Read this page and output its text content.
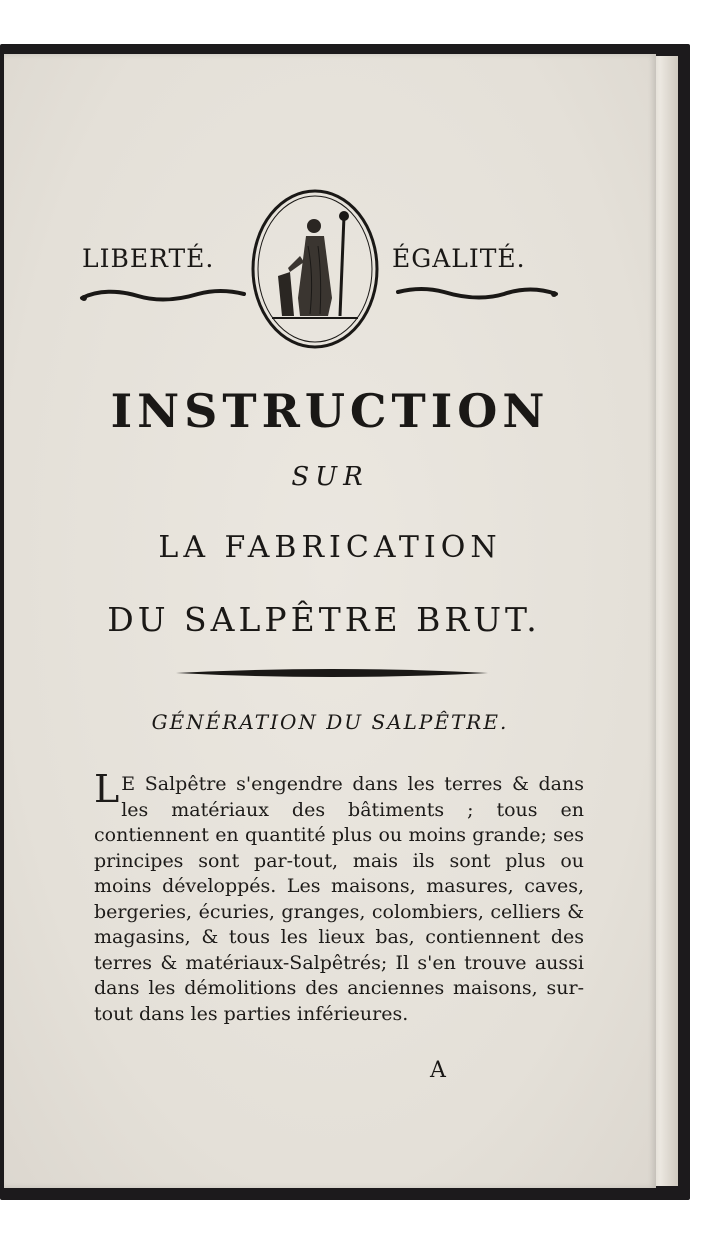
LIBERTÉ.	ÉGALITÉ.
INSTRUCTION
SUR
LA FABRICATION
DU SALPÊTRE BRUT.
GÉNÉRATION DU SALPÊTRE.
L E Salpêtre s'engendre dans les terres & dans les matériaux des bâtiments ; tous en contiennent en quantité plus ou moins grande; ses principes sont par-tout, mais ils sont plus ou moins développés. Les maisons, masures, caves, bergeries, écuries, granges, colombiers, celliers & magasins, & tous les lieux bas, contiennent des terres & matériaux-Salpêtrés; Il s'en trouve aussi dans les démolitions des anciennes maisons, sur-tout dans les parties inférieures.
A
